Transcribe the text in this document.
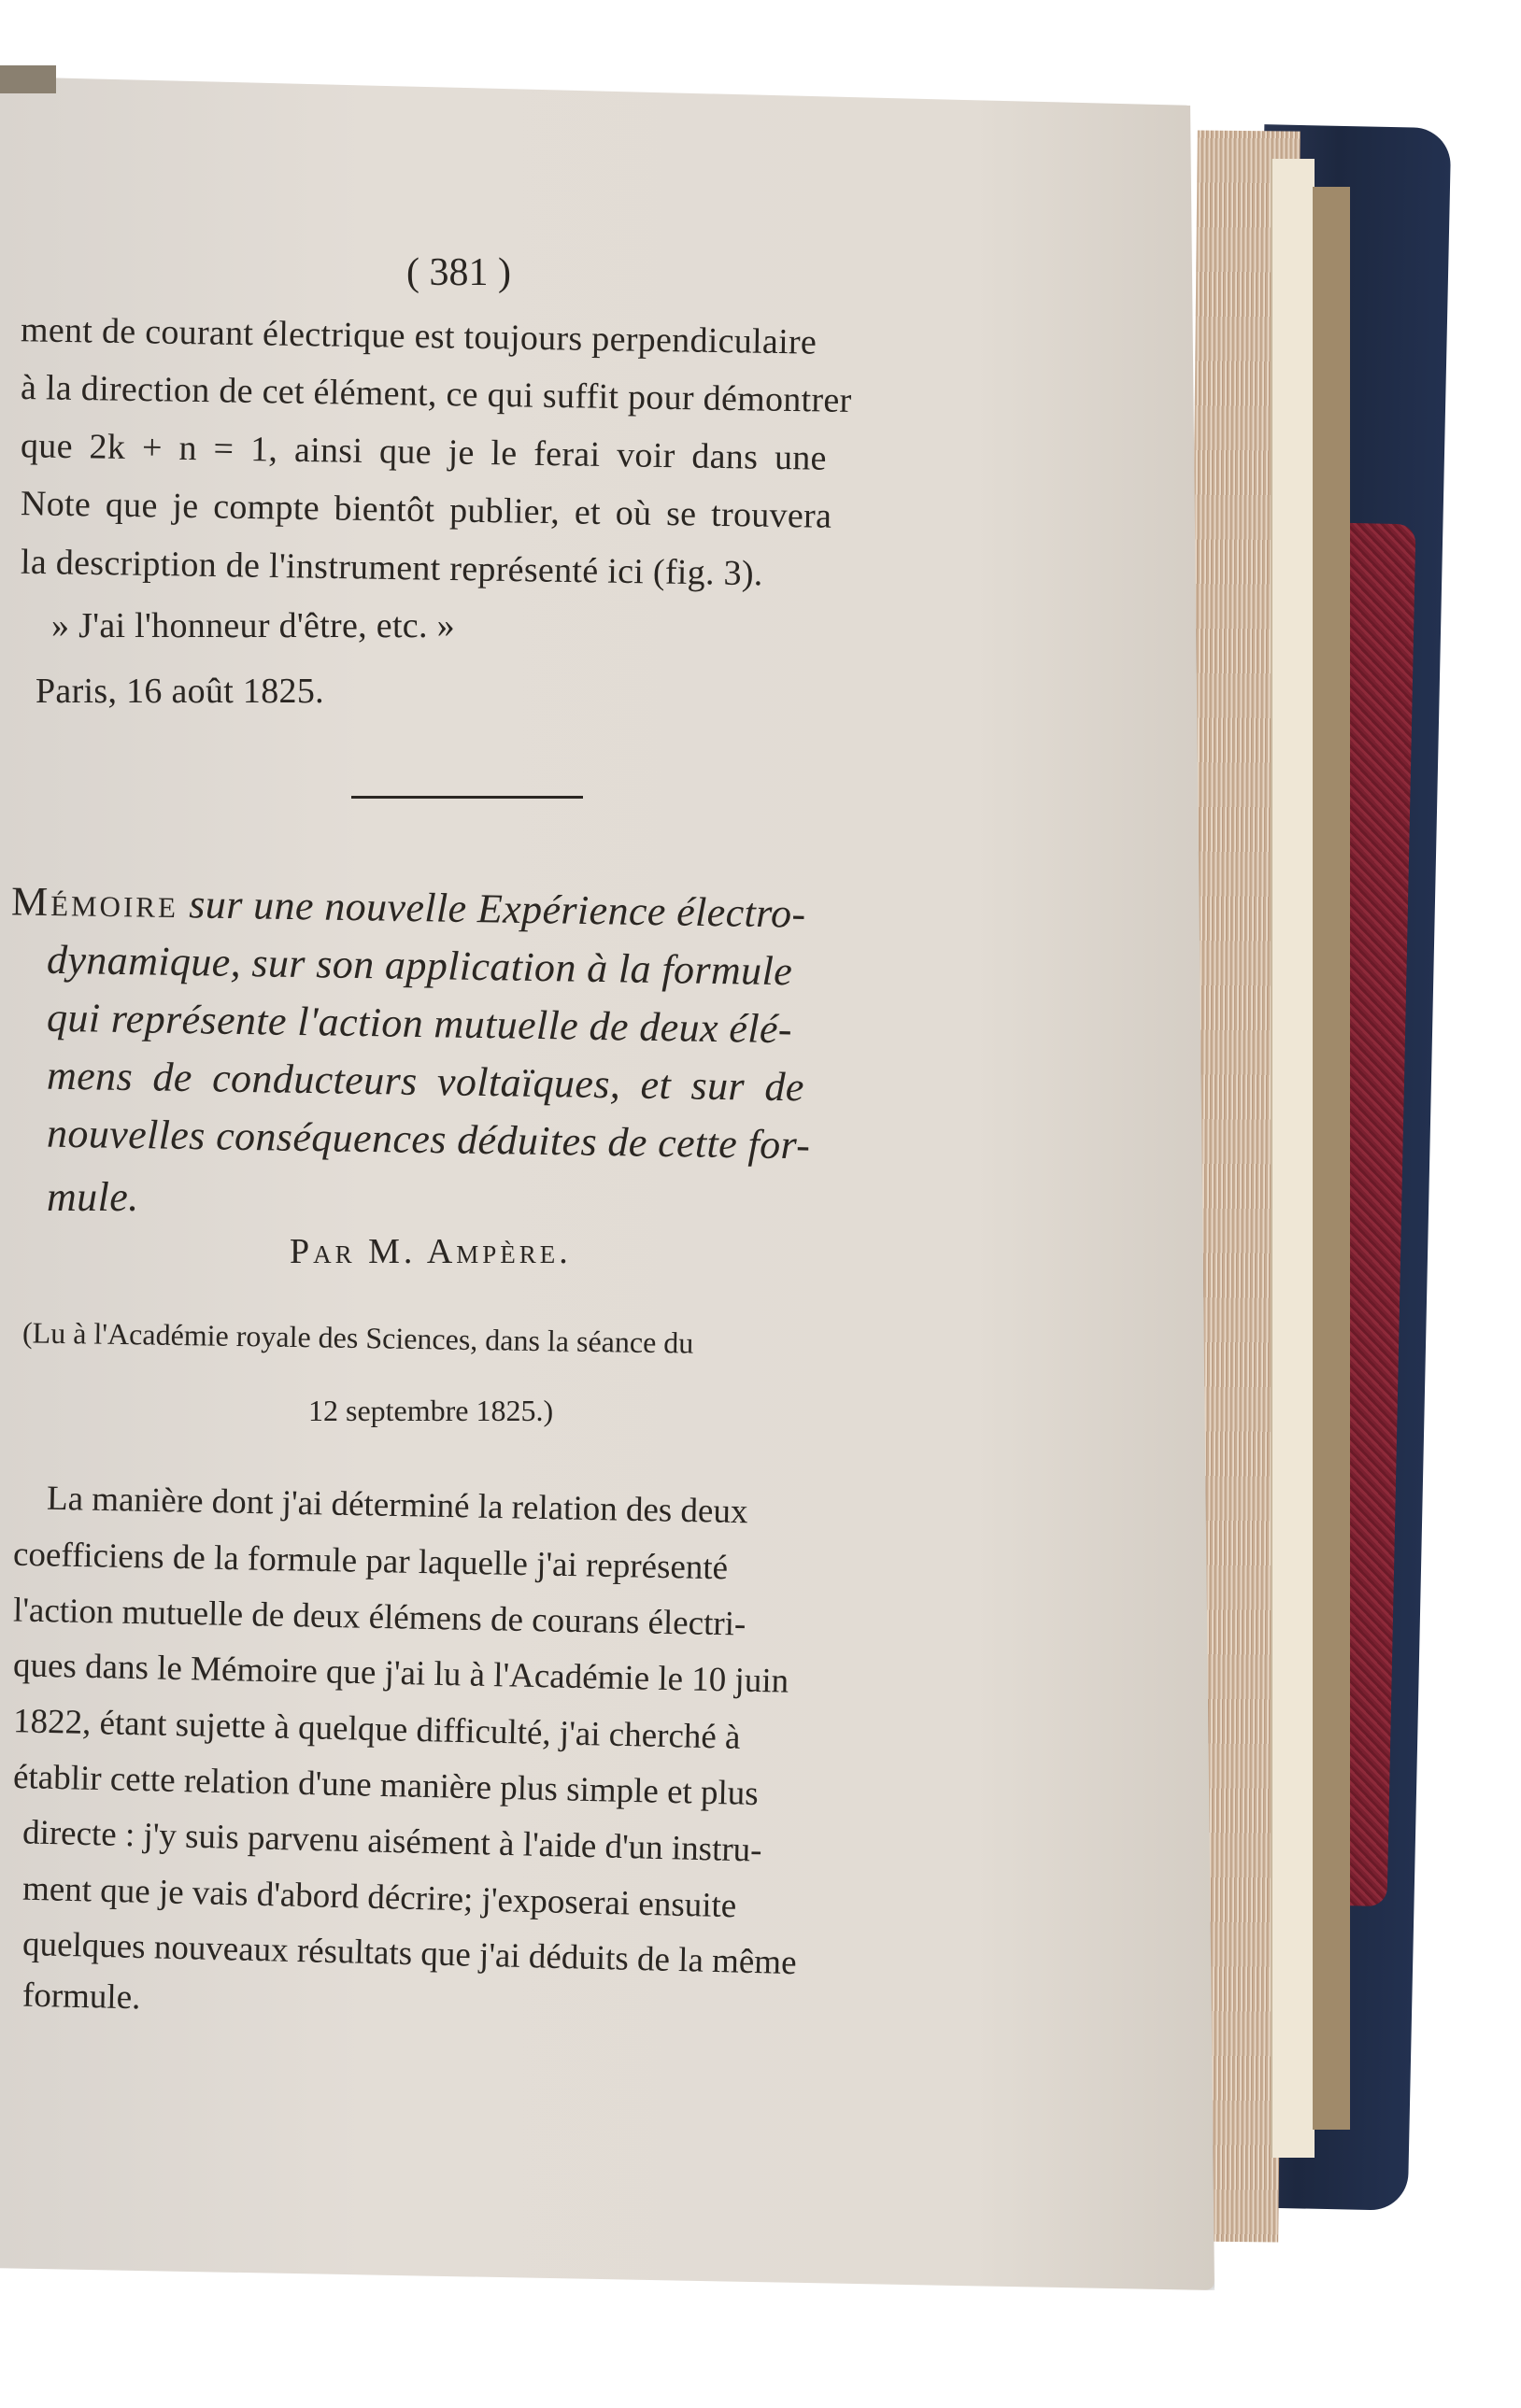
( 381 )
ment de courant électrique est toujours perpendiculaire
à la direction de cet élément, ce qui suffit pour démontrer
que 2k + n = 1, ainsi que je le ferai voir dans une
Note que je compte bientôt publier, et où se trouvera
la description de l'instrument représenté ici (fig. 3).
» J'ai l'honneur d'être, etc. »
Paris, 16 août 1825.
Mémoire sur une nouvelle Expérience électro-
dynamique, sur son application à la formule
qui représente l'action mutuelle de deux élé-
mens de conducteurs voltaïques, et sur de
nouvelles conséquences déduites de cette for-
mule.
Par M. Ampère.
(Lu à l'Académie royale des Sciences, dans la séance du
12 septembre 1825.)
La manière dont j'ai déterminé la relation des deux
coefficiens de la formule par laquelle j'ai représenté
l'action mutuelle de deux élémens de courans électri-
ques dans le Mémoire que j'ai lu à l'Académie le 10 juin
1822, étant sujette à quelque difficulté, j'ai cherché à
établir cette relation d'une manière plus simple et plus
directe : j'y suis parvenu aisément à l'aide d'un instru-
ment que je vais d'abord décrire; j'exposerai ensuite
quelques nouveaux résultats que j'ai déduits de la même
formule.
